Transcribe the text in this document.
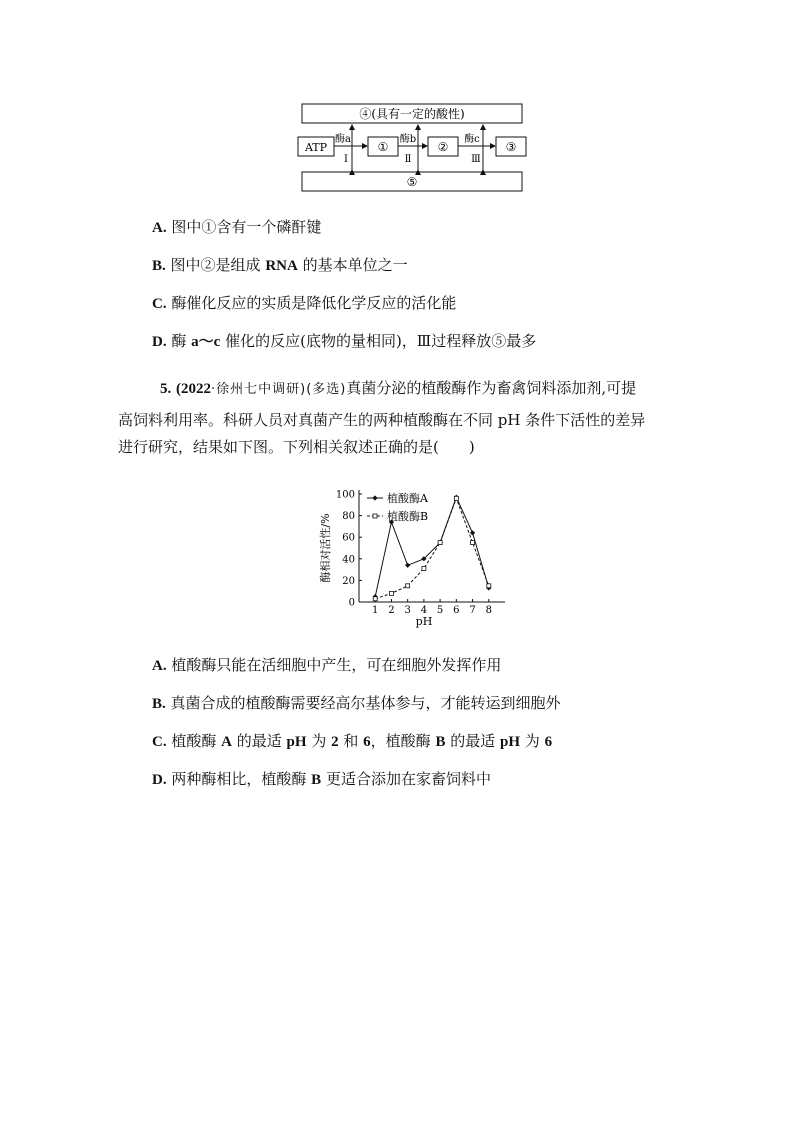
④(具有一定的酸性)
⑤
ATP	①	②	③
酶a	酶b	酶c
Ⅰ	Ⅱ	Ⅲ
A. 图中①含有一个磷酐键
B. 图中②是组成 RNA 的基本单位之一
C. 酶催化反应的实质是降低化学反应的活化能
D. 酶 a～c 催化的反应(底物的量相同)，Ⅲ过程释放⑤最多
5. (2022·徐州七中调研)(多选)真菌分泌的植酸酶作为畜禽饲料添加剂,可提
高饲料利用率。科研人员对真菌产生的两种植酸酶在不同 pH 条件下活性的差异
进行研究，结果如下图。下列相关叙述正确的是(　　)
0
20
40
60
80
100
1 2 3 4 5 6 7 8
植酸酶A
植酸酶B
pH
酶相对活性/%
A. 植酸酶只能在活细胞中产生，可在细胞外发挥作用
B. 真菌合成的植酸酶需要经高尔基体参与，才能转运到细胞外
C. 植酸酶 A 的最适 pH 为 2 和 6，植酸酶 B 的最适 pH 为 6
D. 两种酶相比，植酸酶 B 更适合添加在家畜饲料中
